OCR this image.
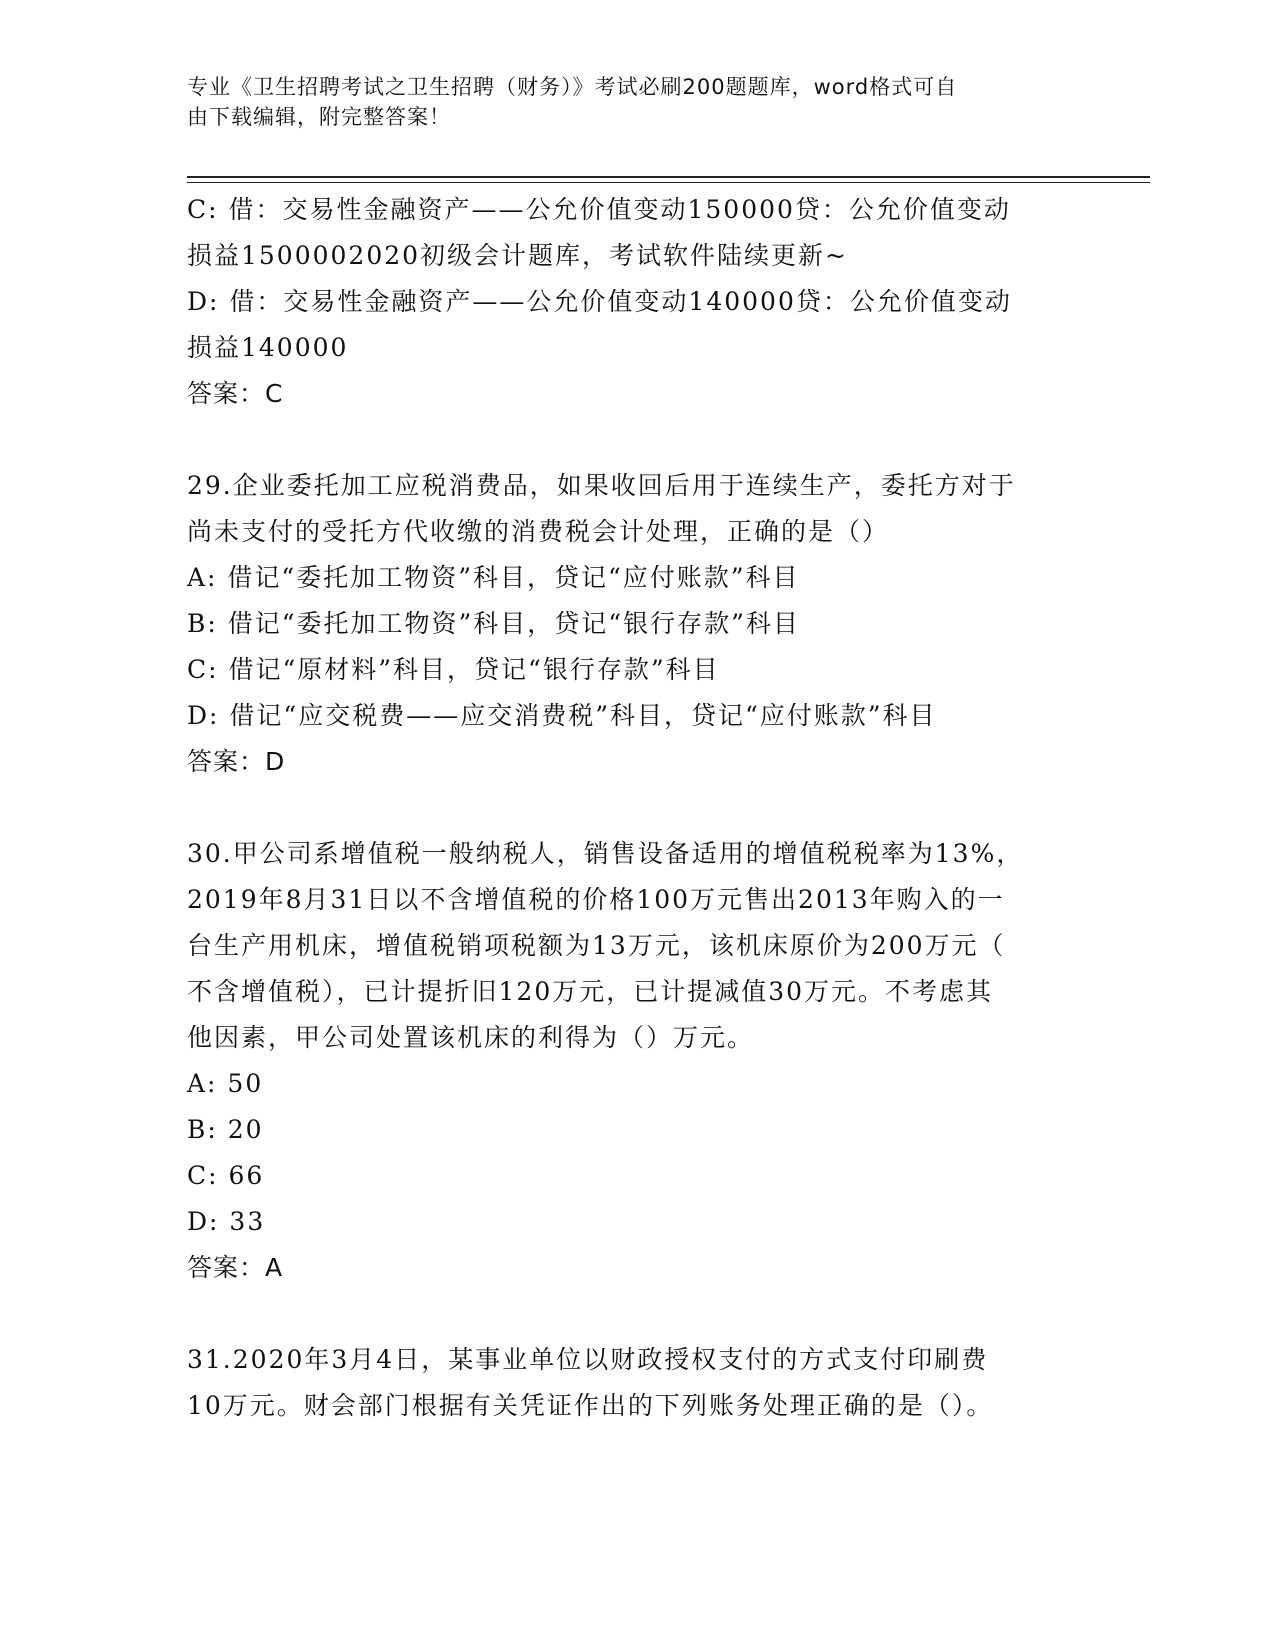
专业《卫生招聘考试之卫生招聘（财务）》考试必刷200题题库，word格式可自
由下载编辑，附完整答案！

C: 借：交易性金融资产——公允价值变动150000贷：公允价值变动

损益1500002020初级会计题库，考试软件陆续更新~

D: 借：交易性金融资产——公允价值变动140000贷：公允价值变动

损益140000

答案：C

29.企业委托加工应税消费品，如果收回后用于连续生产，委托方对于

尚未支付的受托方代收缴的消费税会计处理，正确的是（）

A: 借记“委托加工物资”科目，贷记“应付账款”科目

B: 借记“委托加工物资”科目，贷记“银行存款”科目

C: 借记“原材料”科目，贷记“银行存款”科目

D: 借记“应交税费——应交消费税”科目，贷记“应付账款”科目

答案：D

30.甲公司系增值税一般纳税人，销售设备适用的增值税税率为13%，

2019年8月31日以不含增值税的价格100万元售出2013年购入的一

台生产用机床，增值税销项税额为13万元，该机床原价为200万元（

不含增值税），已计提折旧120万元，已计提减值30万元。不考虑其

他因素，甲公司处置该机床的利得为（）万元。

A: 50

B: 20

C: 66

D: 33

答案：A

31.2020年3月4日，某事业单位以财政授权支付的方式支付印刷费

10万元。财会部门根据有关凭证作出的下列账务处理正确的是（）。
